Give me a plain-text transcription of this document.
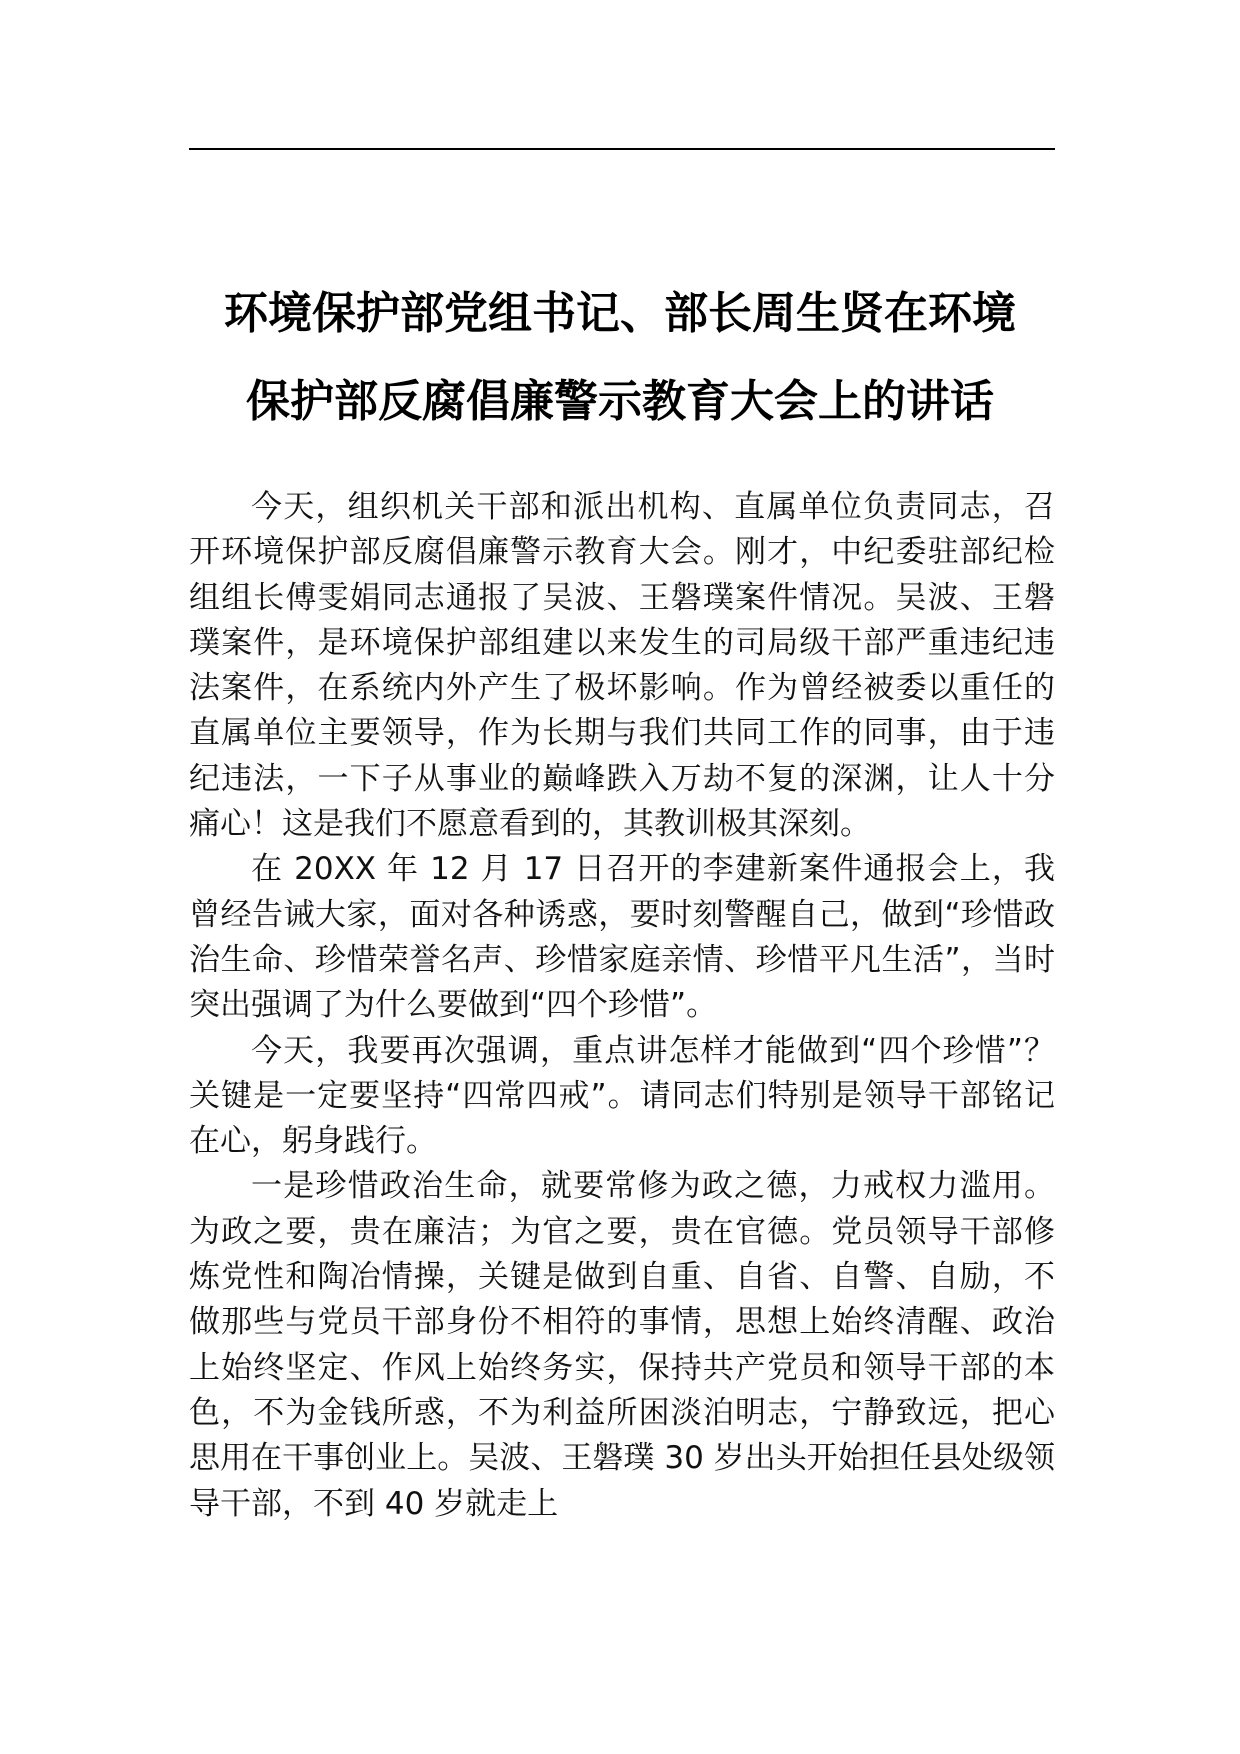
环境保护部党组书记、部长周生贤在环境
保护部反腐倡廉警示教育大会上的讲话

今天，组织机关干部和派出机构、直属单位负责同志，召开环境保护部反腐倡廉警示教育大会。刚才，中纪委驻部纪检组组长傅雯娟同志通报了吴波、王磐璞案件情况。吴波、王磐璞案件，是环境保护部组建以来发生的司局级干部严重违纪违法案件，在系统内外产生了极坏影响。作为曾经被委以重任的直属单位主要领导，作为长期与我们共同工作的同事，由于违纪违法，一下子从事业的巅峰跌入万劫不复的深渊，让人十分痛心！这是我们不愿意看到的，其教训极其深刻。

在 20XX 年 12 月 17 日召开的李建新案件通报会上，我曾经告诫大家，面对各种诱惑，要时刻警醒自己，做到“珍惜政治生命、珍惜荣誉名声、珍惜家庭亲情、珍惜平凡生活”，当时突出强调了为什么要做到“四个珍惜”。

今天，我要再次强调，重点讲怎样才能做到“四个珍惜”？关键是一定要坚持“四常四戒”。请同志们特别是领导干部铭记在心，躬身践行。

一是珍惜政治生命，就要常修为政之德，力戒权力滥用。为政之要，贵在廉洁；为官之要，贵在官德。党员领导干部修炼党性和陶冶情操，关键是做到自重、自省、自警、自励，不做那些与党员干部身份不相符的事情，思想上始终清醒、政治上始终坚定、作风上始终务实，保持共产党员和领导干部的本色，不为金钱所惑，不为利益所困淡泊明志，宁静致远，把心思用在干事创业上。吴波、王磐璞 30 岁出头开始担任县处级领导干部，不到 40 岁就走上
